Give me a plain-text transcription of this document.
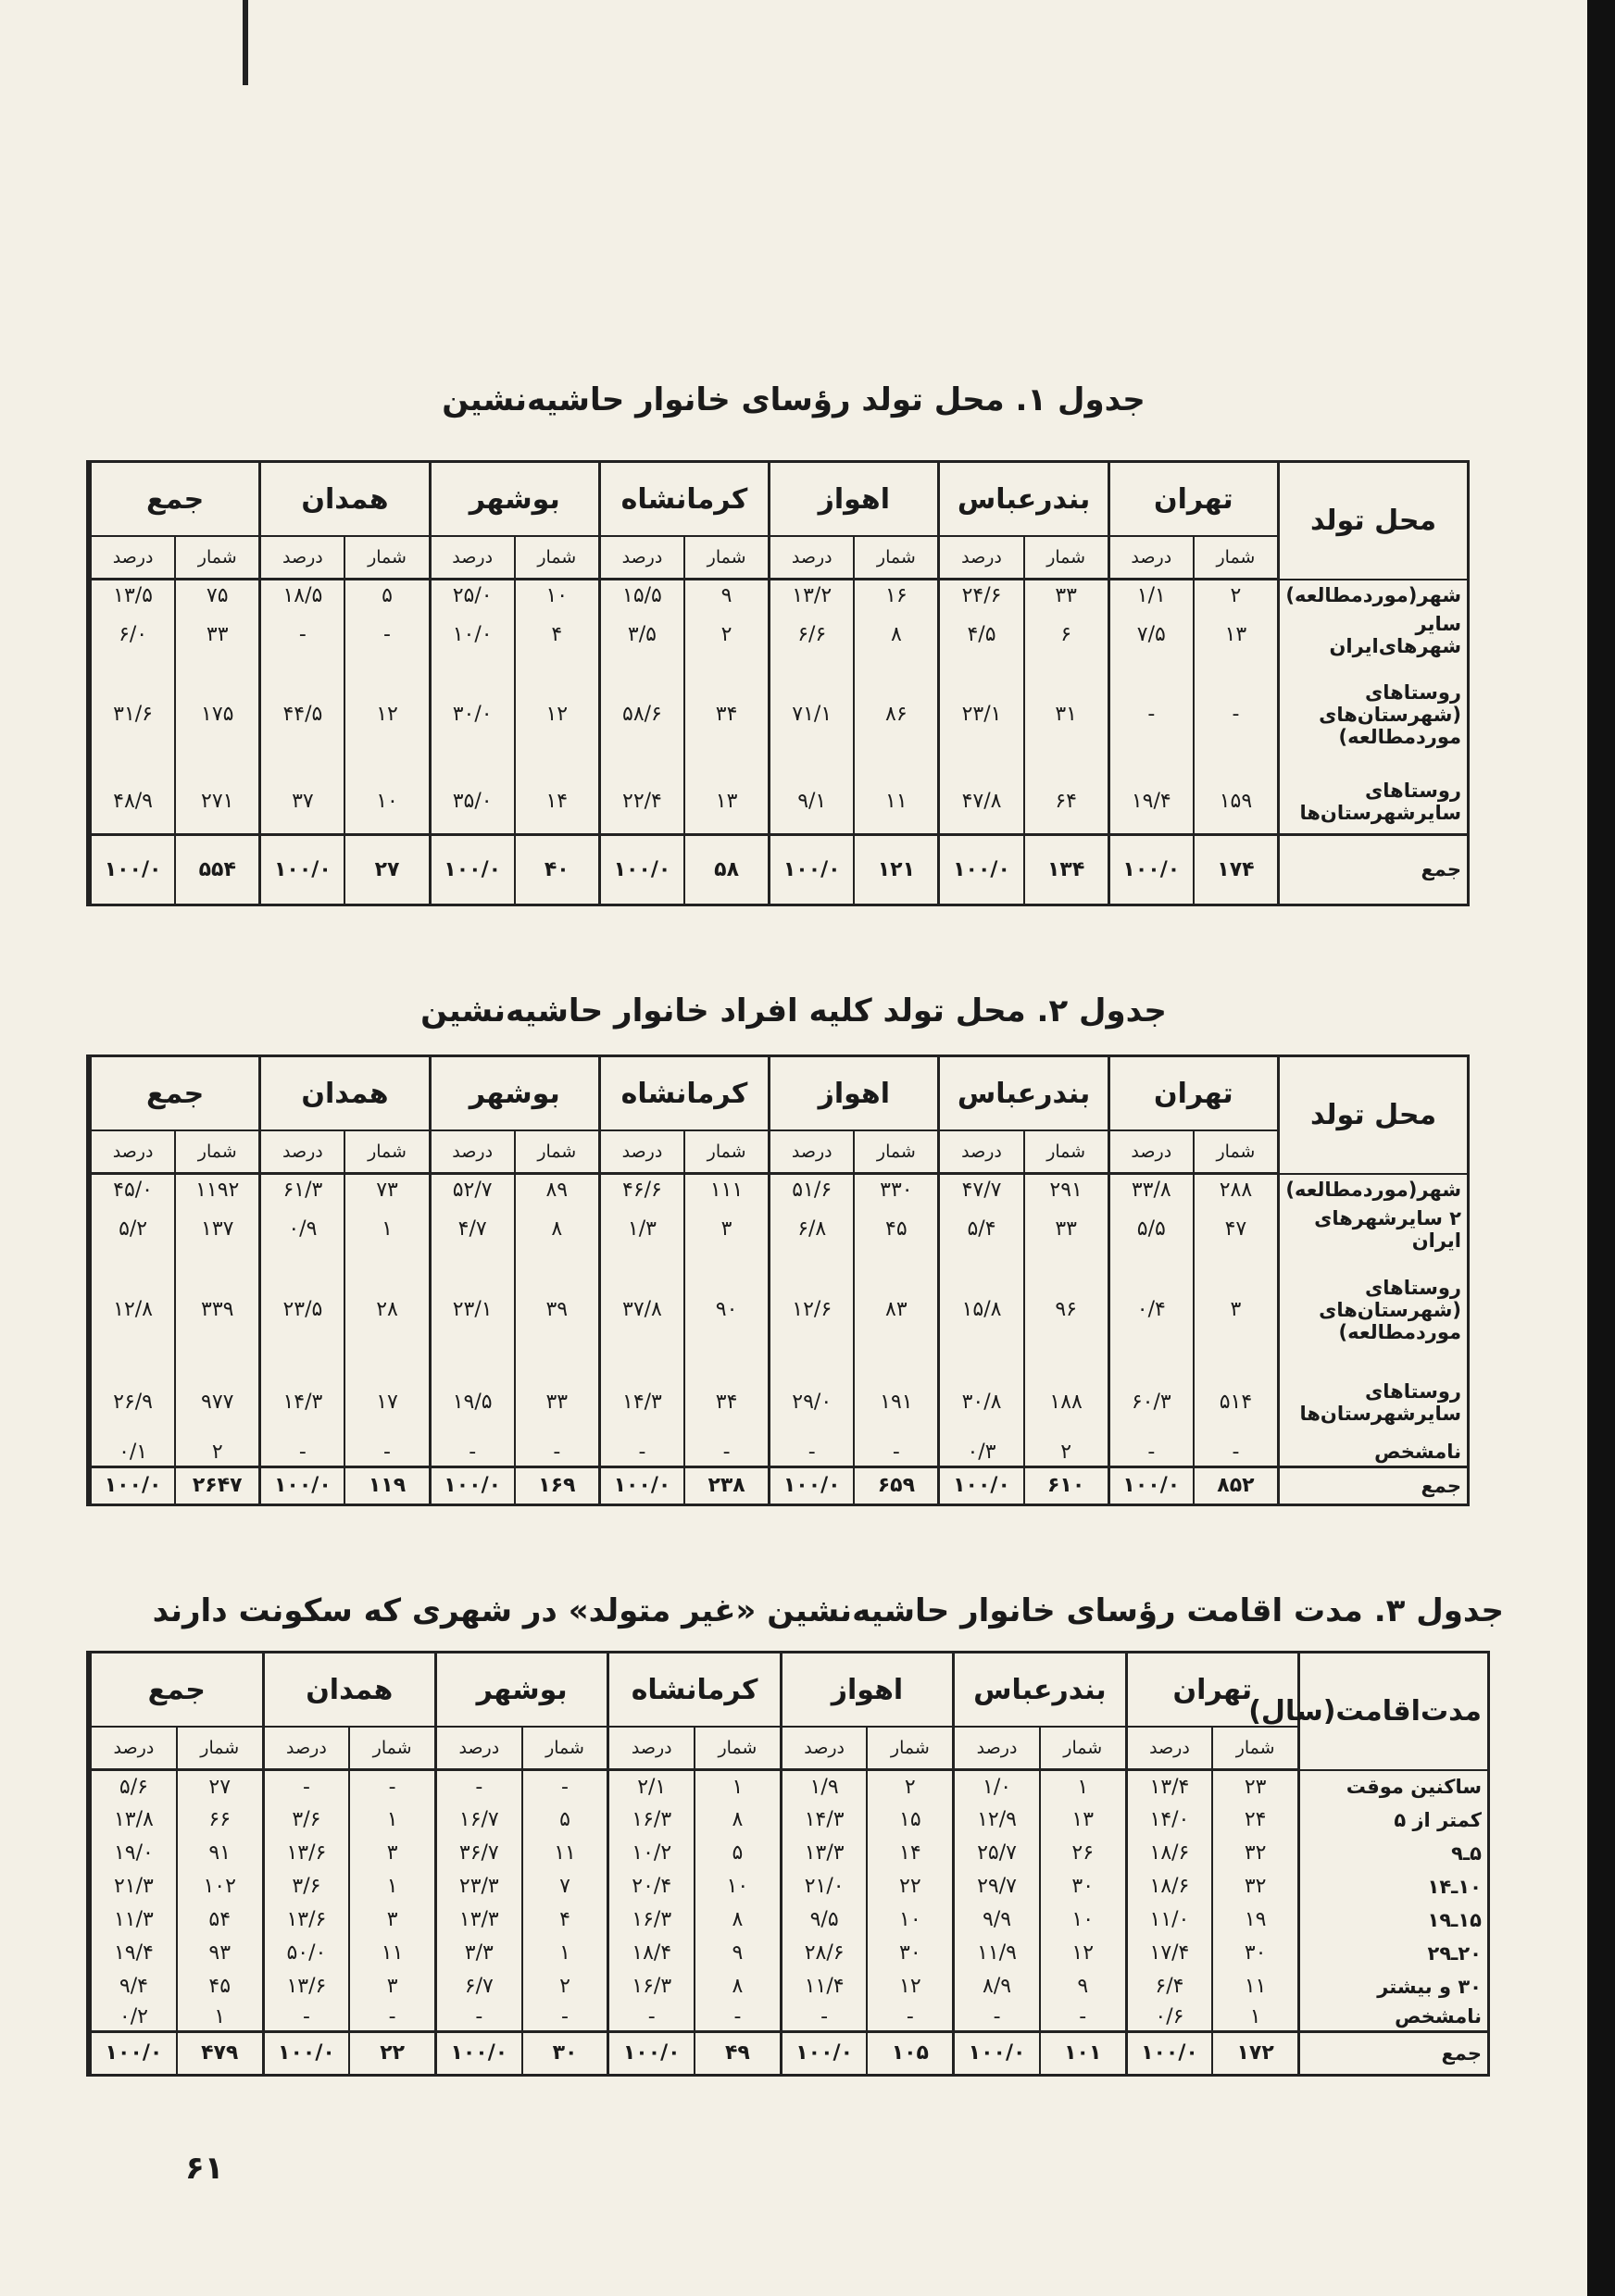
جدول ۱. محل تولد رؤسای خانوار حاشیه‌نشین
محل تولد	تهران		بندرعباس		اهواز		کرمانشاه		بوشهر		همدان		جمع	
	شمار	درصد	شمار	درصد	شمار	درصد	شمار	درصد	شمار	درصد	شمار	درصد	شمار	درصد
شهر(موردمطالعه)	۲	۱/۱	۳۳	۲۴/۶	۱۶	۱۳/۲	۹	۱۵/۵	۱۰	۲۵/۰	۵	۱۸/۵	۷۵	۱۳/۵
سایر شهرهای‌ایران	۱۳	۷/۵	۶	۴/۵	۸	۶/۶	۲	۳/۵	۴	۱۰/۰	-	-	۳۳	۶/۰
روستاهای (شهرستان‌های موردمطالعه)	-	-	۳۱	۲۳/۱	۸۶	۷۱/۱	۳۴	۵۸/۶	۱۲	۳۰/۰	۱۲	۴۴/۵	۱۷۵	۳۱/۶
روستاهای سایرشهرستان‌ها	۱۵۹	۱۹/۴	۶۴	۴۷/۸	۱۱	۹/۱	۱۳	۲۲/۴	۱۴	۳۵/۰	۱۰	۳۷	۲۷۱	۴۸/۹
جمع	۱۷۴	۱۰۰/۰	۱۳۴	۱۰۰/۰	۱۲۱	۱۰۰/۰	۵۸	۱۰۰/۰	۴۰	۱۰۰/۰	۲۷	۱۰۰/۰	۵۵۴	۱۰۰/۰
جدول ۲. محل تولد کلیه افراد خانوار حاشیه‌نشین
محل تولد	تهران		بندرعباس		اهواز		کرمانشاه		بوشهر		همدان		جمع	
	شمار	درصد	شمار	درصد	شمار	درصد	شمار	درصد	شمار	درصد	شمار	درصد	شمار	درصد
شهر(موردمطالعه)	۲۸۸	۳۳/۸	۲۹۱	۴۷/۷	۳۳۰	۵۱/۶	۱۱۱	۴۶/۶	۸۹	۵۲/۷	۷۳	۶۱/۳	۱۱۹۲	۴۵/۰
۲ سایرشهرهای ایران	۴۷	۵/۵	۳۳	۵/۴	۴۵	۶/۸	۳	۱/۳	۸	۴/۷	۱	۰/۹	۱۳۷	۵/۲
روستاهای (شهرستان‌های موردمطالعه)	۳	۰/۴	۹۶	۱۵/۸	۸۳	۱۲/۶	۹۰	۳۷/۸	۳۹	۲۳/۱	۲۸	۲۳/۵	۳۳۹	۱۲/۸
روستاهای سایرشهرستان‌ها	۵۱۴	۶۰/۳	۱۸۸	۳۰/۸	۱۹۱	۲۹/۰	۳۴	۱۴/۳	۳۳	۱۹/۵	۱۷	۱۴/۳	۹۷۷	۲۶/۹
نامشخص	-	-	۲	۰/۳	-	-	-	-	-	-	-	-	۲	۰/۱
جمع	۸۵۲	۱۰۰/۰	۶۱۰	۱۰۰/۰	۶۵۹	۱۰۰/۰	۲۳۸	۱۰۰/۰	۱۶۹	۱۰۰/۰	۱۱۹	۱۰۰/۰	۲۶۴۷	۱۰۰/۰
جدول ۳. مدت اقامت رؤسای خانوار حاشیه‌نشین «غیر متولد» در شهری که سکونت دارند
مدت‌اقامت(سال)	تهران		بندرعباس		اهواز		کرمانشاه		بوشهر		همدان		جمع	
	شمار	درصد	شمار	درصد	شمار	درصد	شمار	درصد	شمار	درصد	شمار	درصد	شمار	درصد
ساکنین موقت	۲۳	۱۳/۴	۱	۱/۰	۲	۱/۹	۱	۲/۱	-	-	-	-	۲۷	۵/۶
کمتر از ۵	۲۴	۱۴/۰	۱۳	۱۲/۹	۱۵	۱۴/۳	۸	۱۶/۳	۵	۱۶/۷	۱	۳/۶	۶۶	۱۳/۸
۵ـ۹	۳۲	۱۸/۶	۲۶	۲۵/۷	۱۴	۱۳/۳	۵	۱۰/۲	۱۱	۳۶/۷	۳	۱۳/۶	۹۱	۱۹/۰
۱۰ـ۱۴	۳۲	۱۸/۶	۳۰	۲۹/۷	۲۲	۲۱/۰	۱۰	۲۰/۴	۷	۲۳/۳	۱	۳/۶	۱۰۲	۲۱/۳
۱۵ـ۱۹	۱۹	۱۱/۰	۱۰	۹/۹	۱۰	۹/۵	۸	۱۶/۳	۴	۱۳/۳	۳	۱۳/۶	۵۴	۱۱/۳
۲۰ـ۲۹	۳۰	۱۷/۴	۱۲	۱۱/۹	۳۰	۲۸/۶	۹	۱۸/۴	۱	۳/۳	۱۱	۵۰/۰	۹۳	۱۹/۴
۳۰ و بیشتر	۱۱	۶/۴	۹	۸/۹	۱۲	۱۱/۴	۸	۱۶/۳	۲	۶/۷	۳	۱۳/۶	۴۵	۹/۴
نامشخص	۱	۰/۶	-	-	-	-	-	-	-	-	-	-	۱	۰/۲
جمع	۱۷۲	۱۰۰/۰	۱۰۱	۱۰۰/۰	۱۰۵	۱۰۰/۰	۴۹	۱۰۰/۰	۳۰	۱۰۰/۰	۲۲	۱۰۰/۰	۴۷۹	۱۰۰/۰
۶۱
